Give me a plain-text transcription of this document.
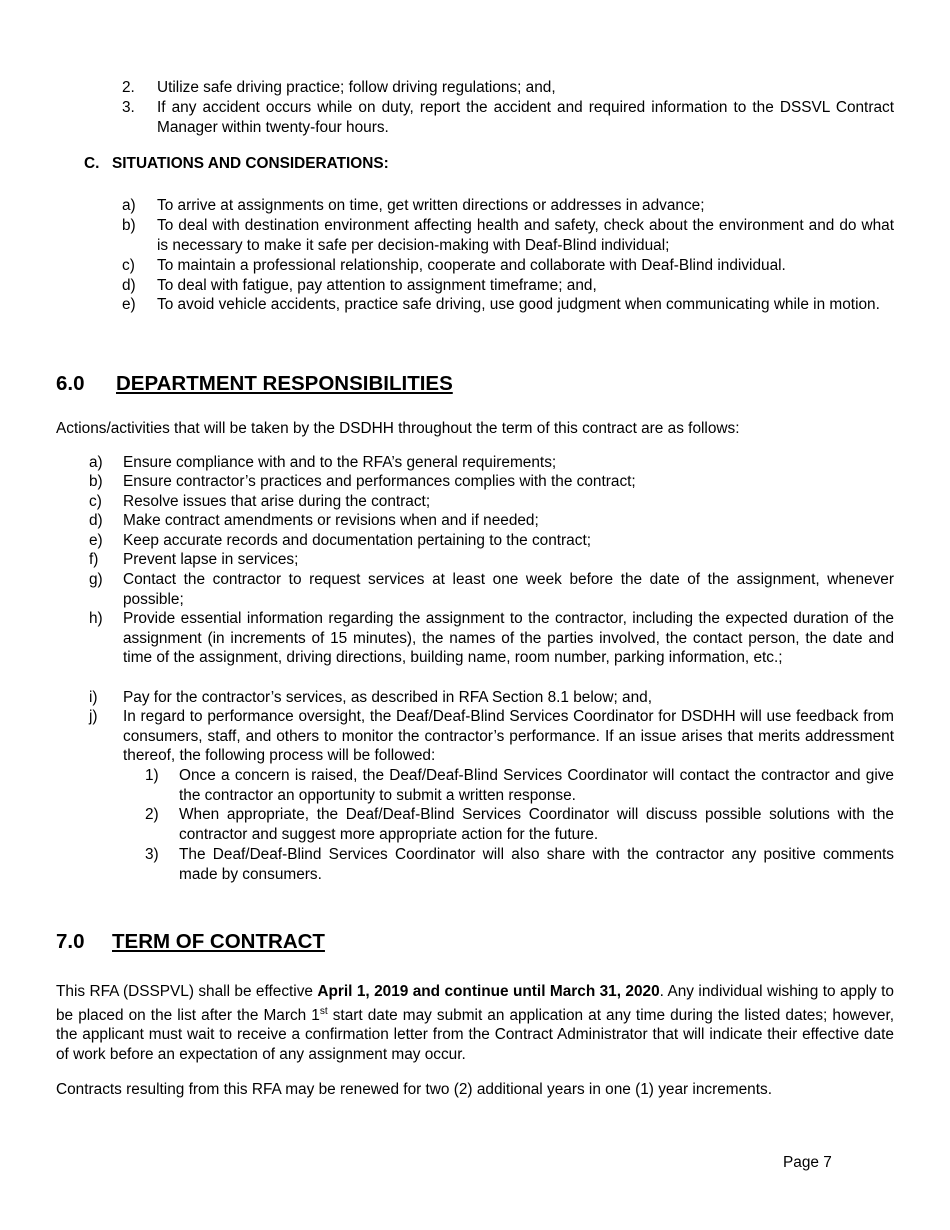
2.	Utilize safe driving practice; follow driving regulations; and,
3.	If any accident occurs while on duty, report the accident and required information to the DSSVL Contract Manager within twenty-four hours.
C. SITUATIONS AND CONSIDERATIONS:
a)	To arrive at assignments on time, get written directions or addresses in advance;
b)	To deal with destination environment affecting health and safety, check about the environment and do what is necessary to make it safe per decision-making with Deaf-Blind individual;
c)	To maintain a professional relationship, cooperate and collaborate with Deaf-Blind individual.
d)	To deal with fatigue, pay attention to assignment timeframe; and,
e)	To avoid vehicle accidents, practice safe driving, use good judgment when communicating while in motion.
6.0 DEPARTMENT RESPONSIBILITIES
Actions/activities that will be taken by the DSDHH throughout the term of this contract are as follows:
a)	Ensure compliance with and to the RFA’s general requirements;
b)	Ensure contractor’s practices and performances complies with the contract;
c)	Resolve issues that arise during the contract;
d)	Make contract amendments or revisions when and if needed;
e)	Keep accurate records and documentation pertaining to the contract;
f)	Prevent lapse in services;
g)	Contact the contractor to request services at least one week before the date of the assignment, whenever possible;
h)	Provide essential information regarding the assignment to the contractor, including the expected duration of the assignment (in increments of 15 minutes), the names of the parties involved, the contact person, the date and time of the assignment, driving directions, building name, room number, parking information, etc.;
i)	Pay for the contractor’s services, as described in RFA Section 8.1 below; and,
j)	In regard to performance oversight, the Deaf/Deaf-Blind Services Coordinator for DSDHH will use feedback from consumers, staff, and others to monitor the contractor’s performance. If an issue arises that merits addressment thereof, the following process will be followed:
1)	Once a concern is raised, the Deaf/Deaf-Blind Services Coordinator will contact the contractor and give the contractor an opportunity to submit a written response.
2)	When appropriate, the Deaf/Deaf-Blind Services Coordinator will discuss possible solutions with the contractor and suggest more appropriate action for the future.
3)	The Deaf/Deaf-Blind Services Coordinator will also share with the contractor any positive comments made by consumers.
7.0 TERM OF CONTRACT
This RFA (DSSPVL) shall be effective April 1, 2019 and continue until March 31, 2020. Any individual wishing to apply to be placed on the list after the March 1st start date may submit an application at any time during the listed dates; however, the applicant must wait to receive a confirmation letter from the Contract Administrator that will indicate their effective date of work before an expectation of any assignment may occur.
Contracts resulting from this RFA may be renewed for two (2) additional years in one (1) year increments.
Page 7
